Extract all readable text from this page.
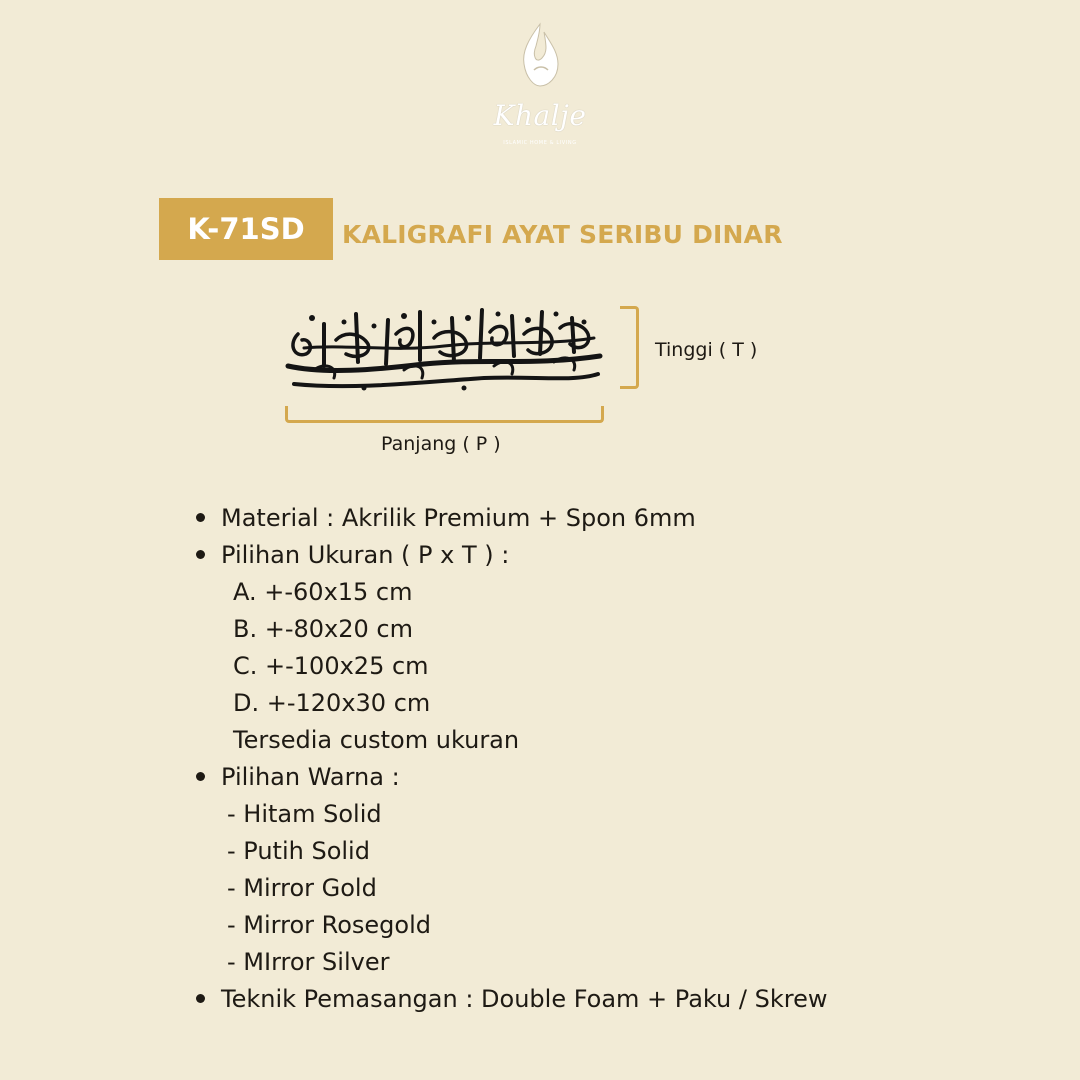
Khalje
ISLAMIC HOME & LIVING
K-71SD	KALIGRAFI AYAT SERIBU DINAR
Panjang ( P )
Tinggi ( T )
Material : Akrilik Premium + Spon 6mm
Pilihan Ukuran ( P x T ) :
A. +-60x15 cm
B. +-80x20 cm
C. +-100x25 cm
D. +-120x30 cm
Tersedia custom ukuran
Pilihan Warna :
- Hitam Solid
- Putih Solid
- Mirror Gold
- Mirror Rosegold
- MIrror Silver
Teknik Pemasangan : Double Foam + Paku / Skrew
